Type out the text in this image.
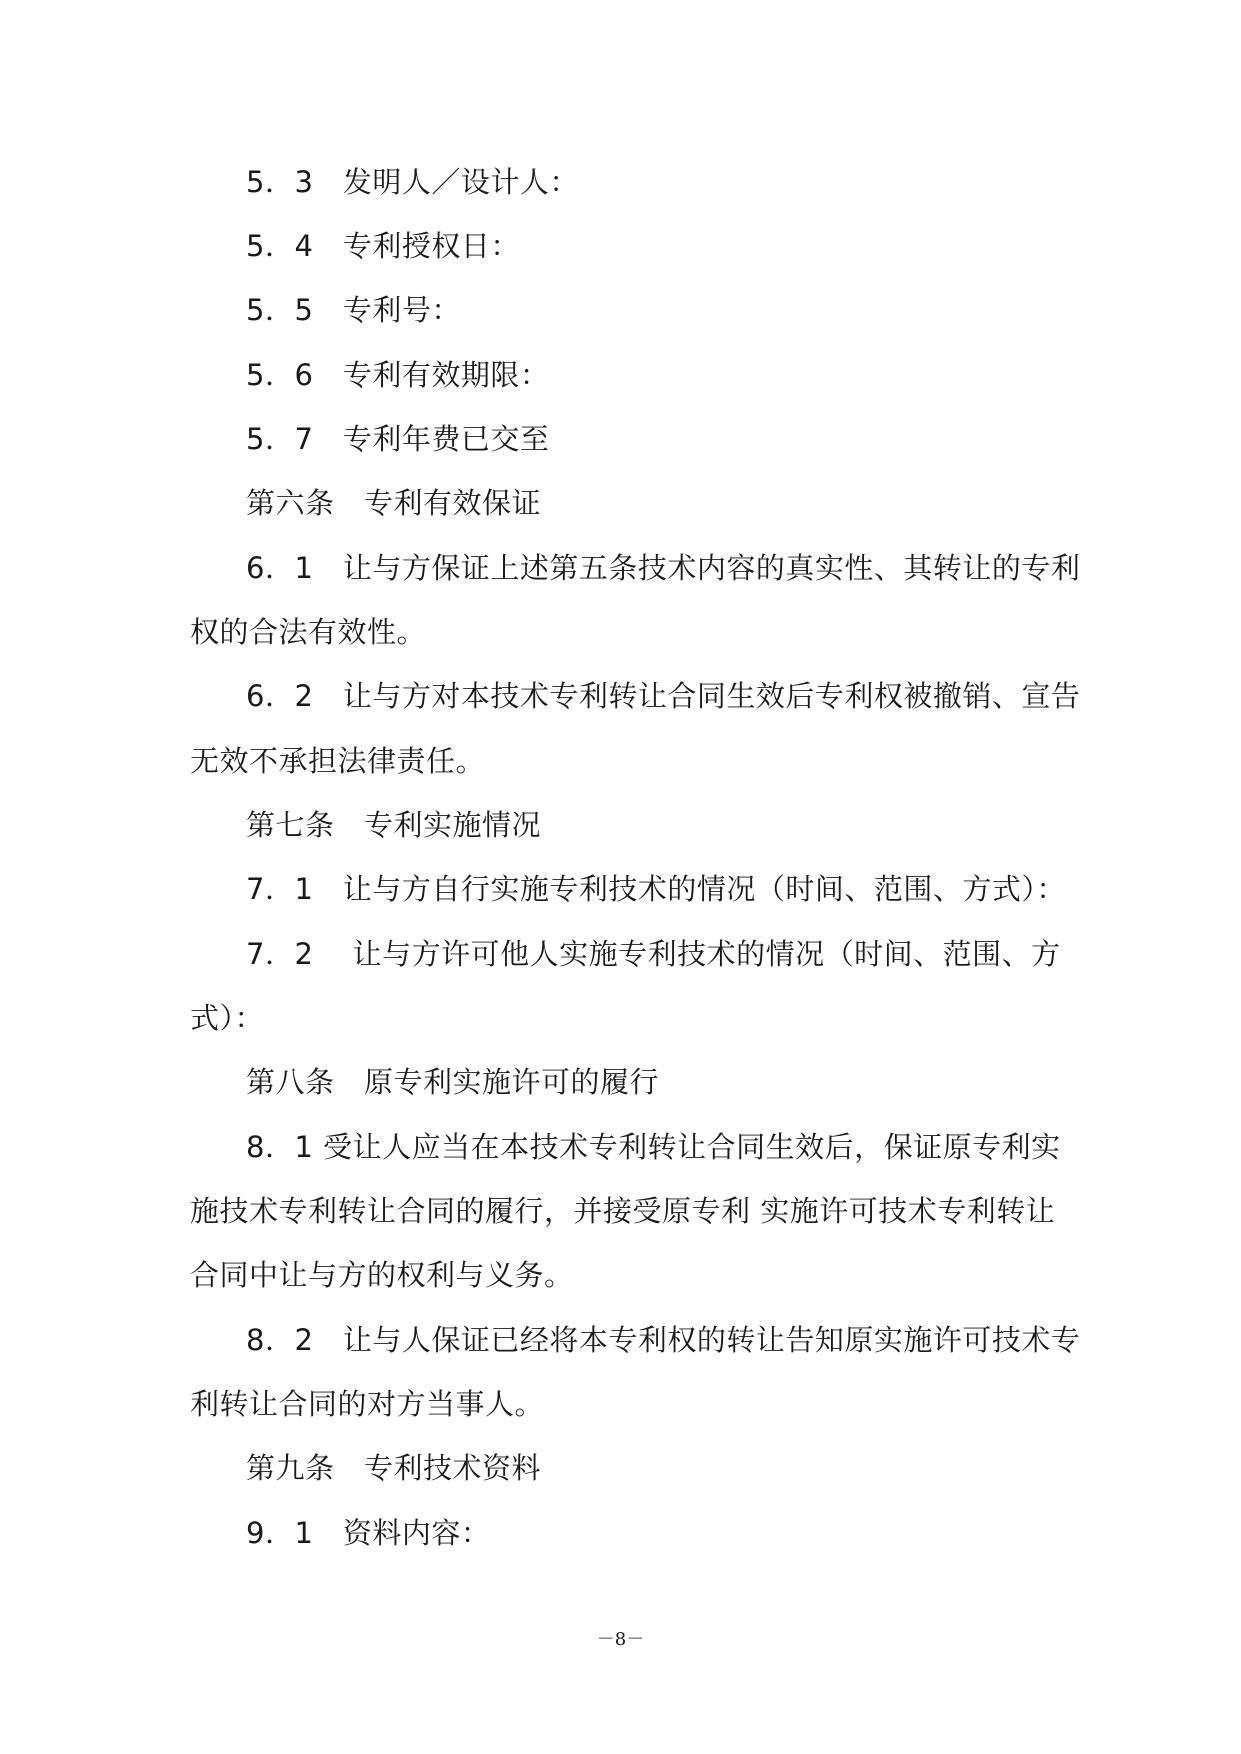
5．3　发明人／设计人：
5．4　专利授权日：
5．5　专利号：
5．6　专利有效期限：
5．7　专利年费已交至
第六条　专利有效保证
6．1　让与方保证上述第五条技术内容的真实性、其转让的专利
权的合法有效性。
6．2　让与方对本技术专利转让合同生效后专利权被撤销、宣告
无效不承担法律责任。
第七条　专利实施情况
7．1　让与方自行实施专利技术的情况（时间、范围、方式）：
7．2　 让与方许可他人实施专利技术的情况（时间、范围、方
式）：
第八条　原专利实施许可的履行
8．1 受让人应当在本技术专利转让合同生效后，保证原专利实
施技术专利转让合同的履行，并接受原专利 实施许可技术专利转让
合同中让与方的权利与义务。
8．2　让与人保证已经将本专利权的转让告知原实施许可技术专
利转让合同的对方当事人。
第九条　专利技术资料
9．1　资料内容：
－8－
